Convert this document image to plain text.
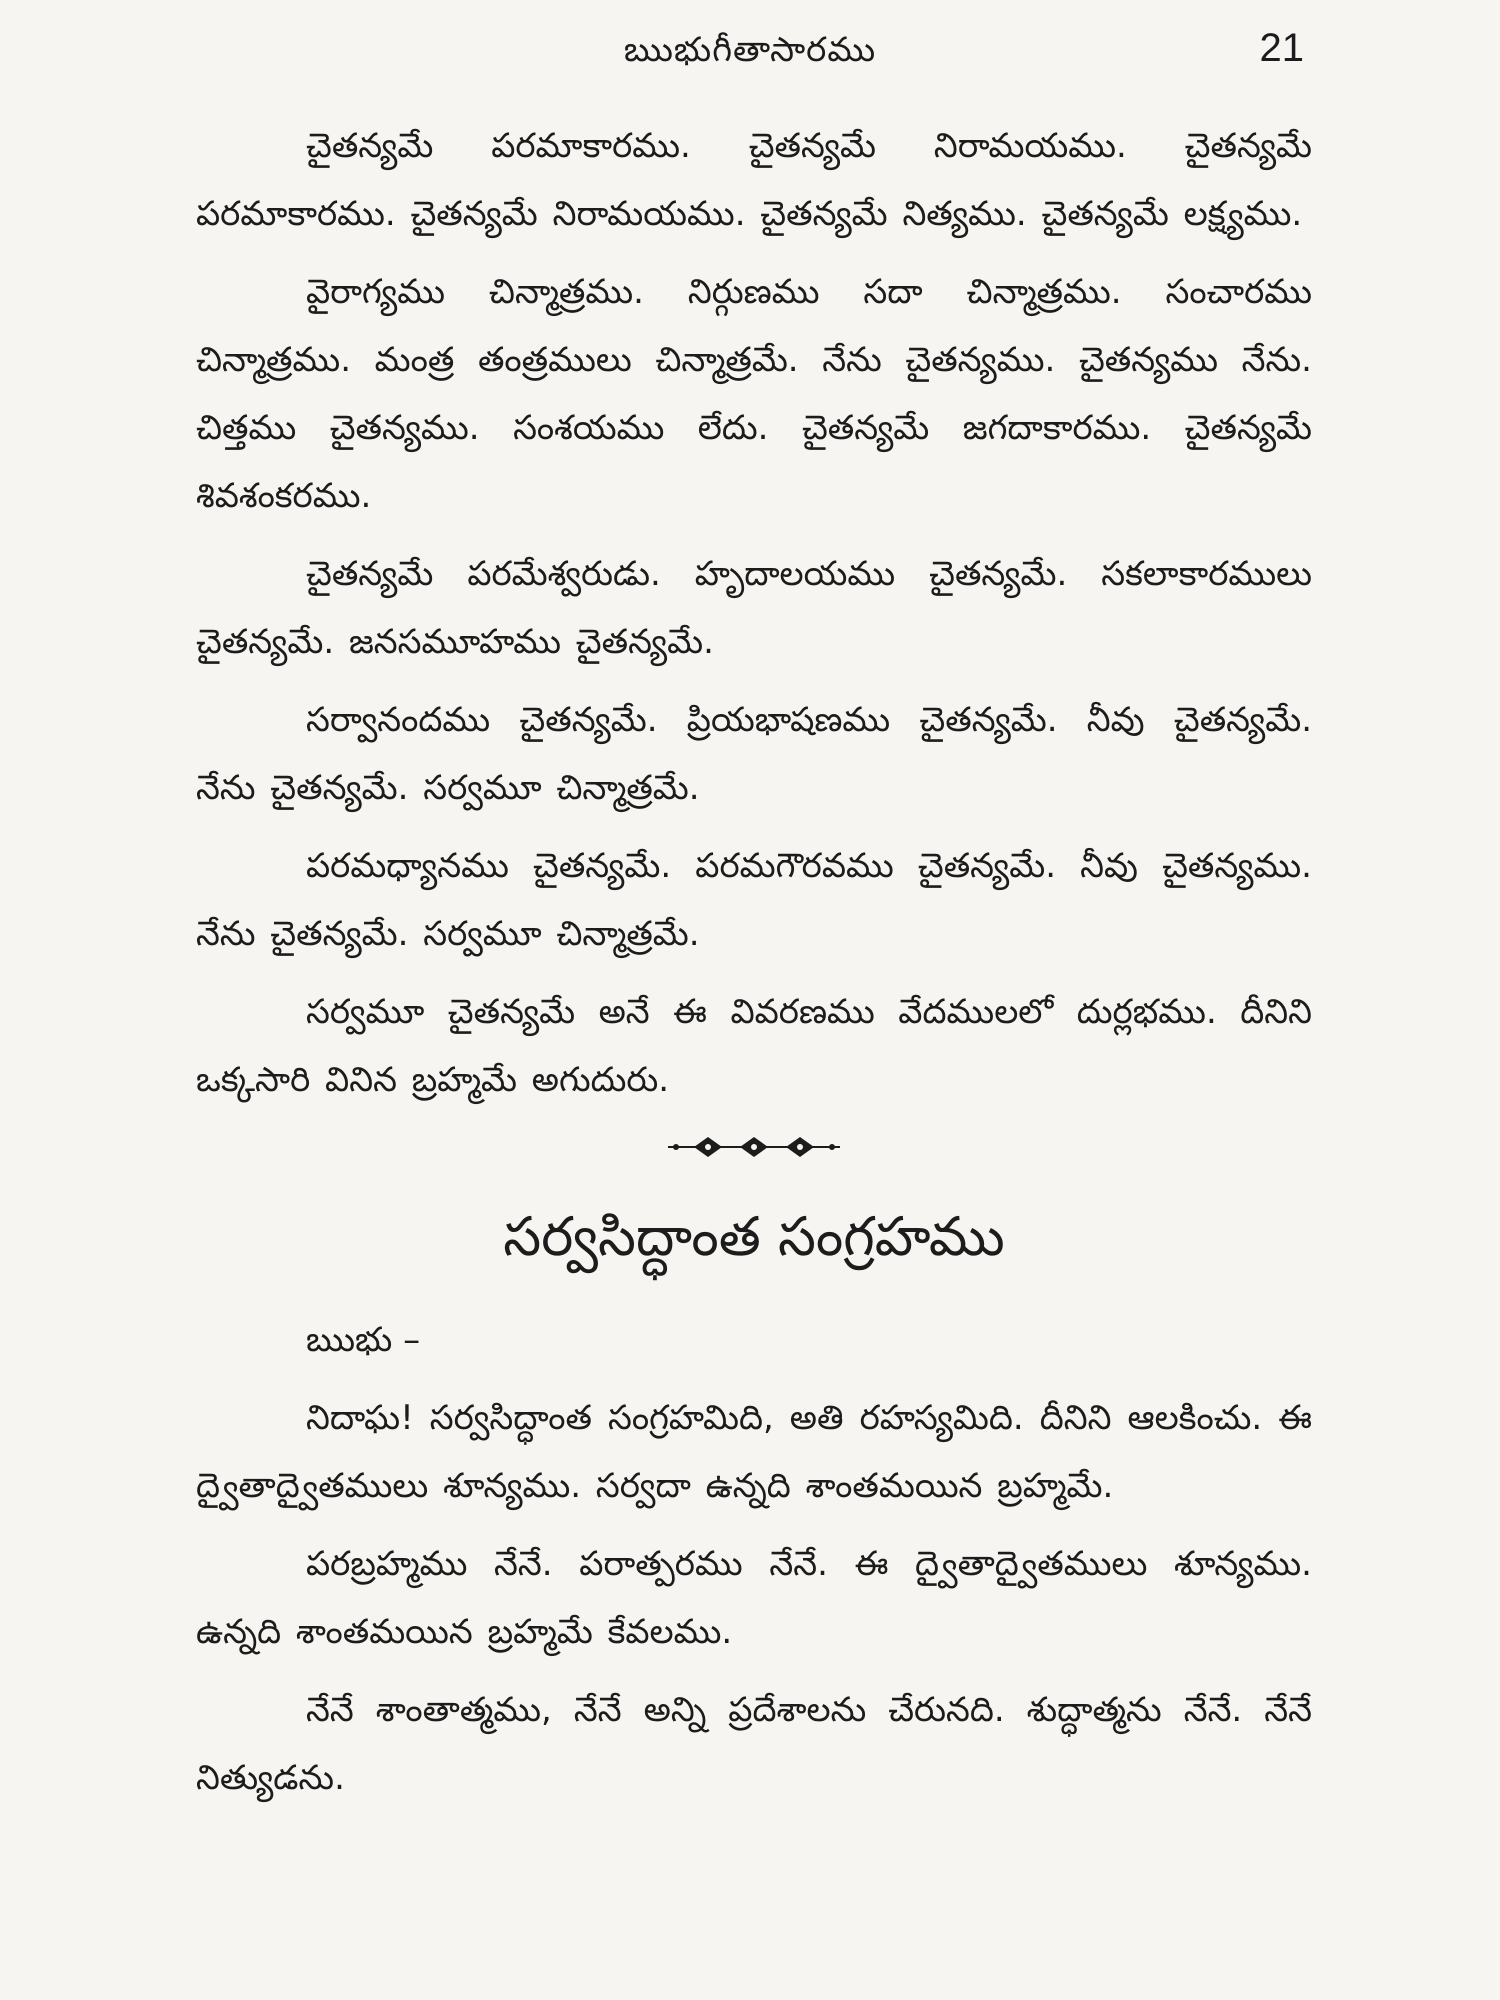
ఋభుగీతాసారము	21

చైతన్యమే పరమాకారము. చైతన్యమే నిరామయము. చైతన్యమే పరమాకారము. చైతన్యమే నిరామయము. చైతన్యమే నిత్యము. చైతన్యమే లక్ష్యము.

వైరాగ్యము చిన్మాత్రము. నిర్గుణము సదా చిన్మాత్రము. సంచారము చిన్మాత్రము. మంత్ర తంత్రములు చిన్మాత్రమే. నేను చైతన్యము. చైతన్యము నేను. చిత్తము చైతన్యము. సంశయము లేదు. చైతన్యమే జగదాకారము. చైతన్యమే శివశంకరము.

చైతన్యమే పరమేశ్వరుడు. హృదాలయము చైతన్యమే. సకలాకారములు చైతన్యమే. జనసమూహము చైతన్యమే.

సర్వానందము చైతన్యమే. ప్రియభాషణము చైతన్యమే. నీవు చైతన్యమే. నేను చైతన్యమే. సర్వమూ చిన్మాత్రమే.

పరమధ్యానము చైతన్యమే. పరమగౌరవము చైతన్యమే. నీవు చైతన్యము. నేను చైతన్యమే. సర్వమూ చిన్మాత్రమే.

సర్వమూ చైతన్యమే అనే ఈ వివరణము వేదములలో దుర్లభము. దీనిని ఒక్కసారి వినిన బ్రహ్మమే అగుదురు.

సర్వసిద్ధాంత సంగ్రహము

ఋభు –

నిదాఘ! సర్వసిద్ధాంత సంగ్రహమిది, అతి రహస్యమిది. దీనిని ఆలకించు. ఈ ద్వైతాద్వైతములు శూన్యము. సర్వదా ఉన్నది శాంతమయిన బ్రహ్మమే.

పరబ్రహ్మము నేనే. పరాత్పరము నేనే. ఈ ద్వైతాద్వైతములు శూన్యము. ఉన్నది శాంతమయిన బ్రహ్మమే కేవలము.

నేనే శాంతాత్మము, నేనే అన్ని ప్రదేశాలను చేరునది. శుద్ధాత్మను నేనే. నేనే నిత్యుడను.
